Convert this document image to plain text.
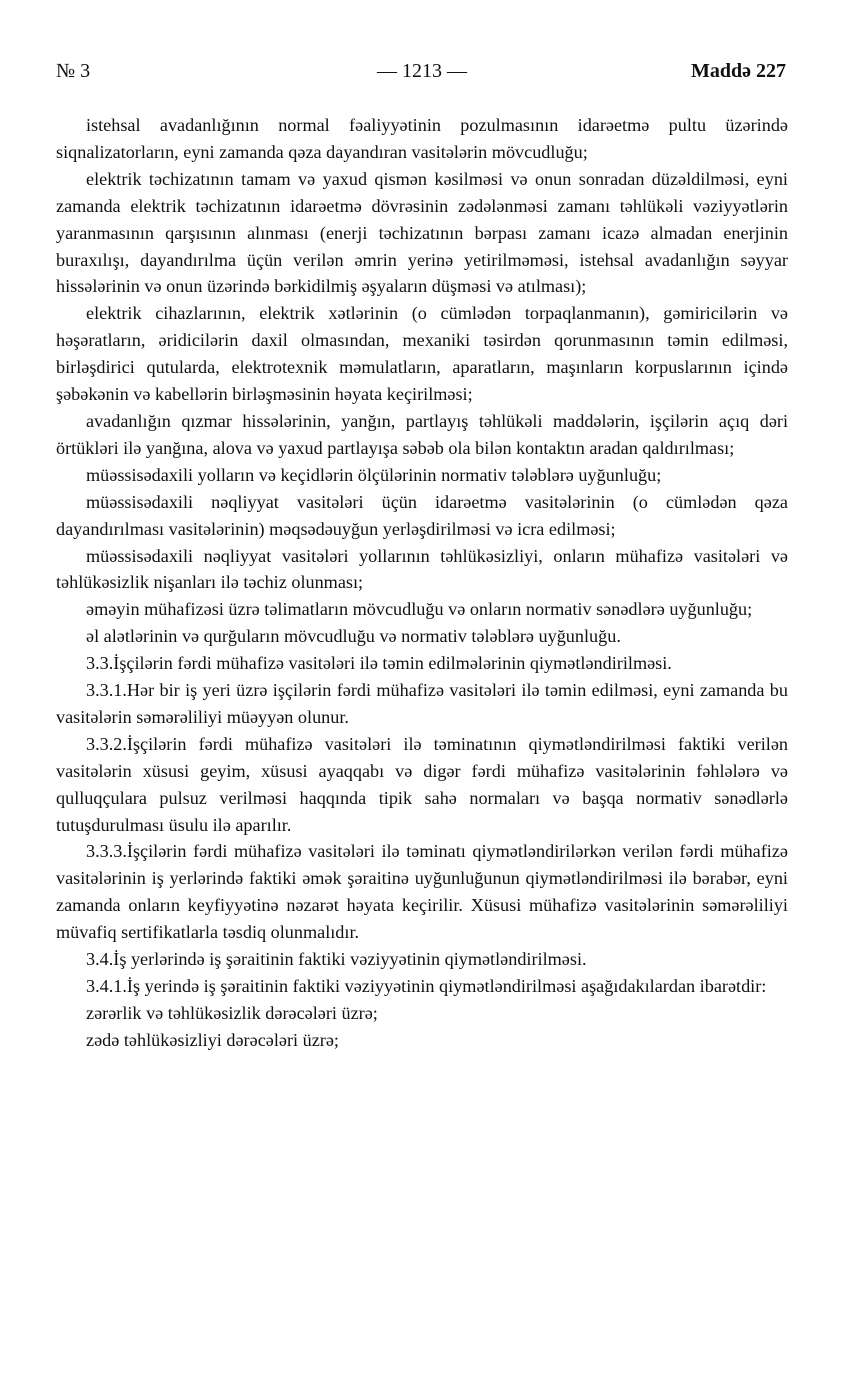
— 1213 —
№ 3	Maddə 227

istehsal avadanlığının normal fəaliyyətinin pozulmasının idarəetmə pultu üzərində siqnalizatorların, eyni zamanda qəza dayandıran vasitələrin mövcudluğu;

elektrik təchizatının tamam və yaxud qismən kəsilməsi və onun sonradan düzəldilməsi, eyni zamanda elektrik təchizatının idarəetmə dövrəsinin zədələnməsi zamanı təhlükəli vəziyyətlərin yaranmasının qarşısının alınması (enerji təchizatının bərpası zamanı icazə almadan enerjinin buraxılışı, dayandırılma üçün verilən əmrin yerinə yetirilməməsi, istehsal avadanlığın səyyar hissələrinin və onun üzərində bərkidilmiş əşyaların düşməsi və atılması);

elektrik cihazlarının, elektrik xətlərinin (o cümlədən torpaqlanmanın), gəmiricilərin və həşəratların, əridicilərin daxil olmasından, mexaniki təsirdən qorunmasının təmin edilməsi, birləşdirici qutularda, elektrotexnik məmulatların, aparatların, maşınların korpuslarının içində şəbəkənin və kabellərin birləşməsinin həyata keçirilməsi;

avadanlığın qızmar hissələrinin, yanğın, partlayış təhlükəli maddələrin, işçilərin açıq dəri örtükləri ilə yanğına, alova və yaxud partlayışa səbəb ola bilən kontaktın aradan qaldırılması;

müəssisədaxili yolların və keçidlərin ölçülərinin normativ tələblərə uyğunluğu;

müəssisədaxili nəqliyyat vasitələri üçün idarəetmə vasitələrinin (o cümlədən qəza dayandırılması vasitələrinin) məqsədəuyğun yerləşdirilməsi və icra edilməsi;

müəssisədaxili nəqliyyat vasitələri yollarının təhlükəsizliyi, onların mühafizə vasitələri və təhlükəsizlik nişanları ilə təchiz olunması;

əməyin mühafizəsi üzrə təlimatların mövcudluğu və onların normativ sənədlərə uyğunluğu;

əl alətlərinin və qurğuların mövcudluğu və normativ tələblərə uyğunluğu.

3.3.İşçilərin fərdi mühafizə vasitələri ilə təmin edilmələrinin qiymətləndirilməsi.

3.3.1.Hər bir iş yeri üzrə işçilərin fərdi mühafizə vasitələri ilə təmin edilməsi, eyni zamanda bu vasitələrin səmərəliliyi müəyyən olunur.

3.3.2.İşçilərin fərdi mühafizə vasitələri ilə təminatının qiymətləndirilməsi faktiki verilən vasitələrin xüsusi geyim, xüsusi ayaqqabı və digər fərdi mühafizə vasitələrinin fəhlələrə və qulluqçulara pulsuz verilməsi haqqında tipik sahə normaları və başqa normativ sənədlərlə tutuşdurulması üsulu ilə aparılır.

3.3.3.İşçilərin fərdi mühafizə vasitələri ilə təminatı qiymətləndirilərkən verilən fərdi mühafizə vasitələrinin iş yerlərində faktiki əmək şəraitinə uyğunluğunun qiymətləndirilməsi ilə bərabər, eyni zamanda onların keyfiyyətinə nəzarət həyata keçirilir. Xüsusi mühafizə vasitələrinin səmərəliliyi müvafiq sertifikatlarla təsdiq olunmalıdır.

3.4.İş yerlərində iş şəraitinin faktiki vəziyyətinin qiymətləndirilməsi.

3.4.1.İş yerində iş şəraitinin faktiki vəziyyətinin qiymətləndirilməsi aşağıdakılardan ibarətdir:

zərərlik və təhlükəsizlik dərəcələri üzrə;

zədə təhlükəsizliyi dərəcələri üzrə;
